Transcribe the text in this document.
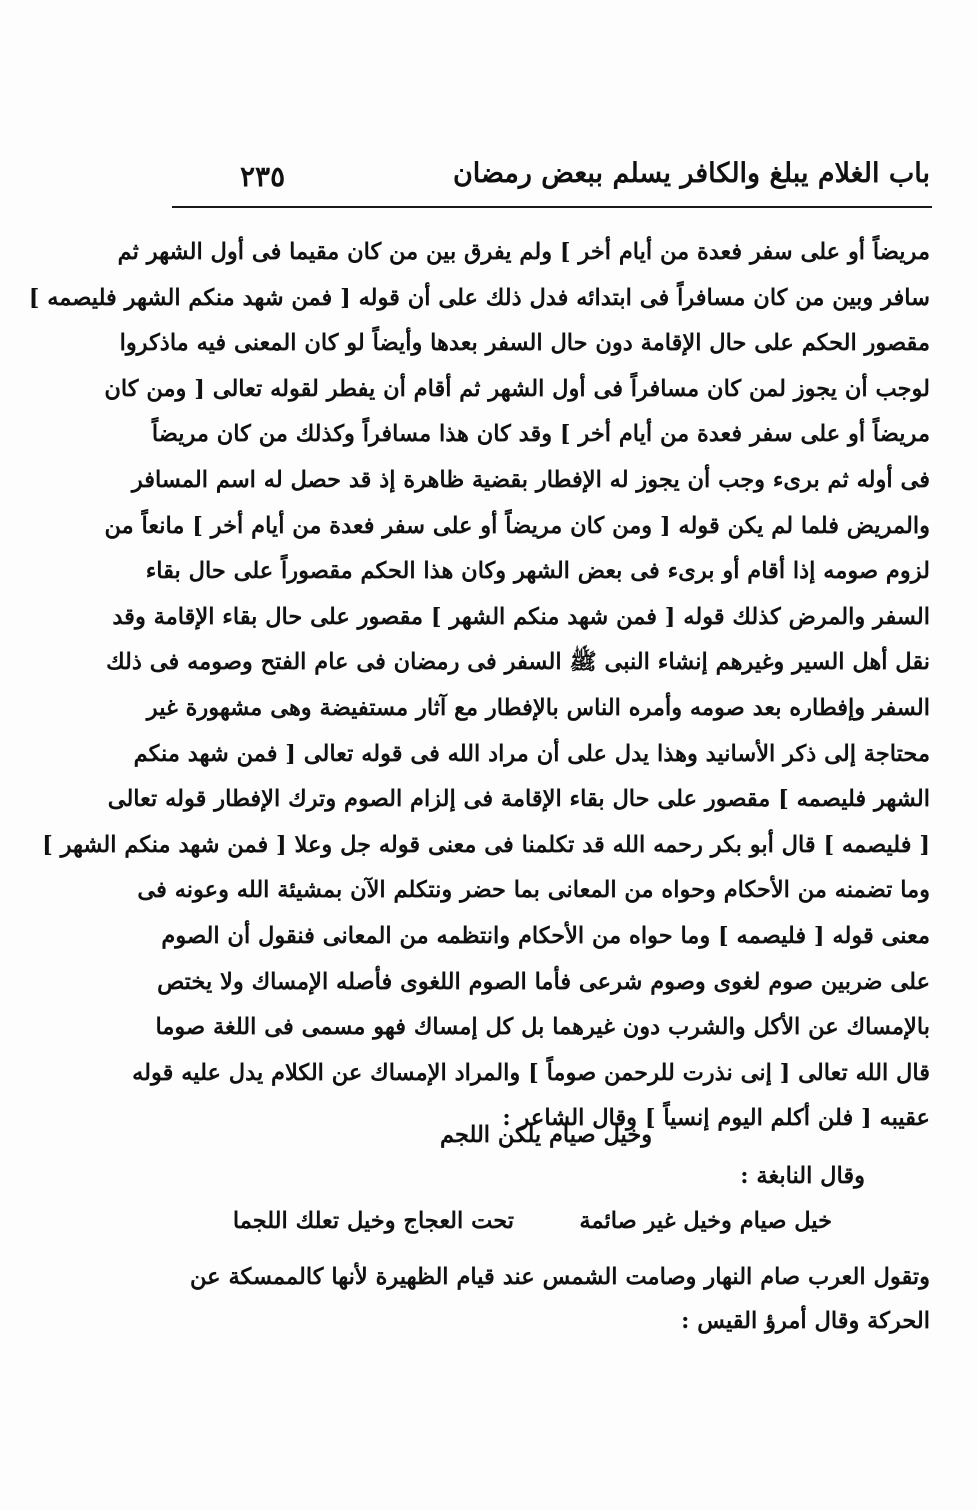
باب الغلام يبلغ والكافر يسلم ببعض رمضان
٢٣٥
مريضاً أو على سفر فعدة من أيام أخر ] ولم يفرق بين من كان مقيما فى أول الشهر ثم
سافر وبين من كان مسافراً فى ابتدائه فدل ذلك على أن قوله [ فمن شهد منكم الشهر فليصمه ]
مقصور الحكم على حال الإقامة دون حال السفر بعدها وأيضاً لو كان المعنى فيه ماذكروا
لوجب أن يجوز لمن كان مسافراً فى أول الشهر ثم أقام أن يفطر لقوله تعالى [ ومن كان
مريضاً أو على سفر فعدة من أيام أخر ] وقد كان هذا مسافراً وكذلك من كان مريضاً
فى أوله ثم برىء وجب أن يجوز له الإفطار بقضية ظاهرة إذ قد حصل له اسم المسافر
والمريض فلما لم يكن قوله [ ومن كان مريضاً أو على سفر فعدة من أيام أخر ] مانعاً من
لزوم صومه إذا أقام أو برىء فى بعض الشهر وكان هذا الحكم مقصوراً على حال بقاء
السفر والمرض كذلك قوله [ فمن شهد منكم الشهر ] مقصور على حال بقاء الإقامة وقد
نقل أهل السير وغيرهم إنشاء النبى ﷺ السفر فى رمضان فى عام الفتح وصومه فى ذلك
السفر وإفطاره بعد صومه وأمره الناس بالإفطار مع آثار مستفيضة وهى مشهورة غير
محتاجة إلى ذكر الأسانيد وهذا يدل على أن مراد الله فى قوله تعالى [ فمن شهد منكم
الشهر فليصمه ] مقصور على حال بقاء الإقامة فى إلزام الصوم وترك الإفطار قوله تعالى
[ فليصمه ] قال أبو بكر رحمه الله قد تكلمنا فى معنى قوله جل وعلا [ فمن شهد منكم الشهر ]
وما تضمنه من الأحكام وحواه من المعانى بما حضر ونتكلم الآن بمشيئة الله وعونه فى
معنى قوله [ فليصمه ] وما حواه من الأحكام وانتظمه من المعانى فنقول أن الصوم
على ضربين صوم لغوى وصوم شرعى فأما الصوم اللغوى فأصله الإمساك ولا يختص
بالإمساك عن الأكل والشرب دون غيرهما بل كل إمساك فهو مسمى فى اللغة صوما
قال الله تعالى [ إنى نذرت للرحمن صوماً ] والمراد الإمساك عن الكلام يدل عليه قوله
عقيبه [ فلن أكلم اليوم إنسياً ] وقال الشاعر :
وخيل صيام يلكن اللجم
وقال النابغة :
خيل صيام وخيل غير صائمة
تحت العجاج وخيل تعلك اللجما
وتقول العرب صام النهار وصامت الشمس عند قيام الظهيرة لأنها كالممسكة عن
الحركة وقال أمرؤ القيس :
